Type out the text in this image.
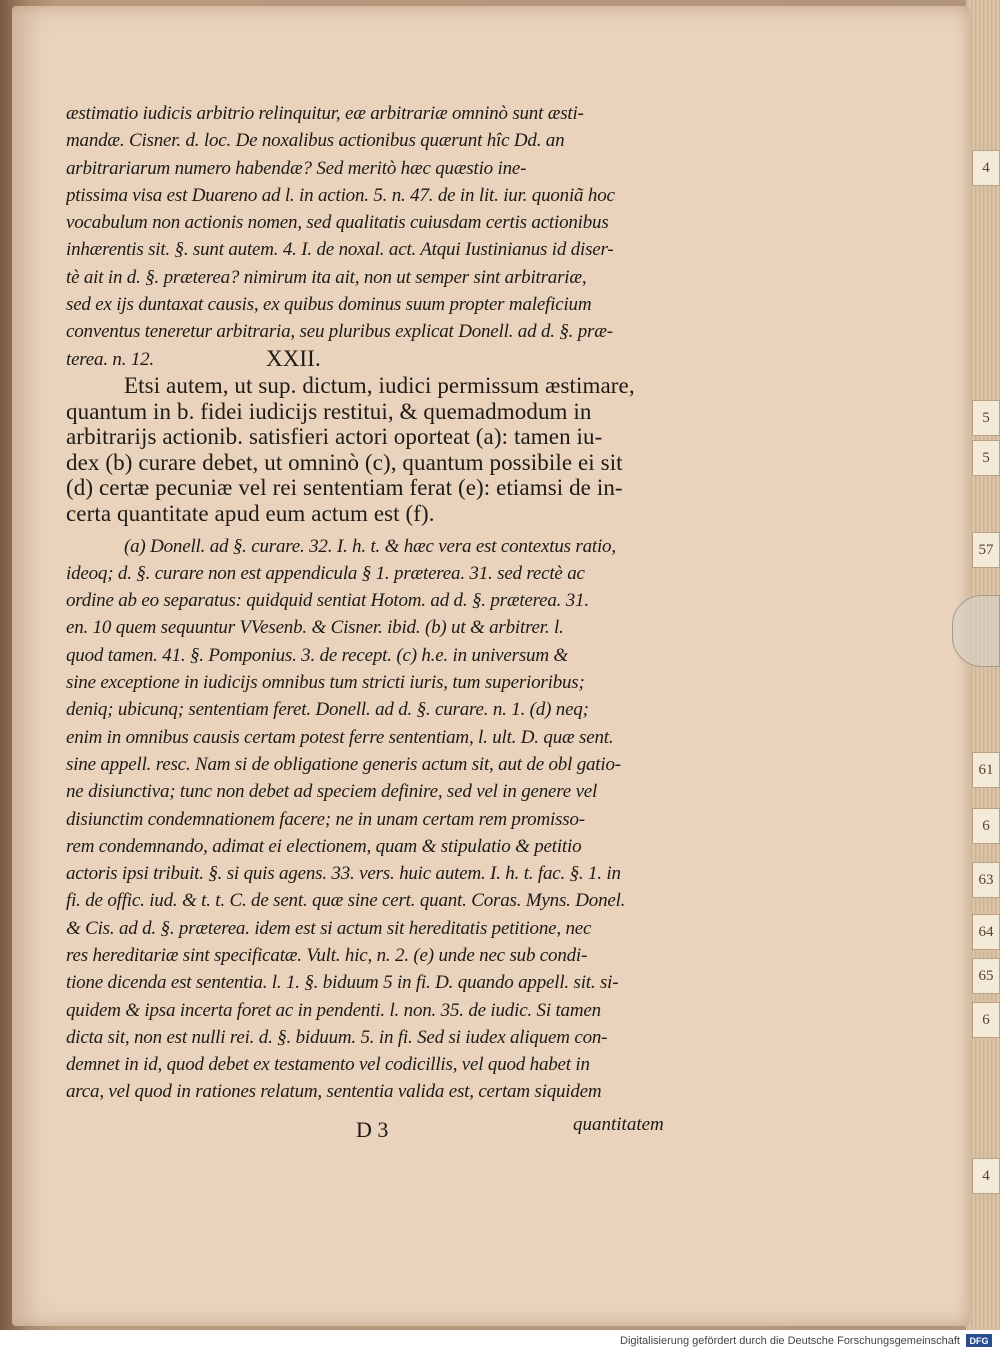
4
5
5
57
61
6
63
64
65
6
4

æstimatio iudicis arbitrio relinquitur, eæ arbitrariæ omninò sunt æsti-

mandæ. Cisner. d. loc. De noxalibus actionibus quærunt hîc Dd. an

arbitrariarum numero habendæ? Sed meritò hæc quæstio ine-

ptissima visa est Duareno ad l. in action. 5. n. 47. de in lit. iur. quoniã hoc

vocabulum non actionis nomen, sed qualitatis cuiusdam certis actionibus

inhærentis sit. §. sunt autem. 4. I. de noxal. act. Atqui Iustinianus id diser-

tè ait in d. §. præterea? nimirum ita ait, non ut semper sint arbitrariæ,

sed ex ijs duntaxat causis, ex quibus dominus suum propter maleficium

conventus teneretur arbitraria, seu pluribus explicat Donell. ad d. §. præ-

terea. n. 12.	XXII.

Etsi autem, ut sup. dictum, iudici permissum æstimare,

quantum in b. fidei iudicijs restitui, & quemadmodum in

arbitrarijs actionib. satisfieri actori oporteat (a): tamen iu-

dex (b) curare debet, ut omninò (c), quantum possibile ei sit

(d) certæ pecuniæ vel rei sententiam ferat (e): etiamsi de in-

certa quantitate apud eum actum est (f).

(a) Donell. ad §. curare. 32. I. h. t. & hæc vera est contextus ratio,

ideoq; d. §. curare non est appendicula § 1. præterea. 31. sed rectè ac

ordine ab eo separatus: quidquid sentiat Hotom. ad d. §. præterea. 31.

en. 10 quem sequuntur VVesenb. & Cisner. ibid. (b) ut & arbitrer. l.

quod tamen. 41. §. Pomponius. 3. de recept. (c) h.e. in universum &

sine exceptione in iudicijs omnibus tum stricti iuris, tum superioribus;

deniq; ubicunq; sententiam feret. Donell. ad d. §. curare. n. 1. (d) neq;

enim in omnibus causis certam potest ferre sententiam, l. ult. D. quæ sent.

sine appell. resc. Nam si de obligatione generis actum sit, aut de obl gatio-

ne disiunctiva; tunc non debet ad speciem definire, sed vel in genere vel

disiunctim condemnationem facere; ne in unam certam rem promisso-

rem condemnando, adimat ei electionem, quam & stipulatio & petitio

actoris ipsi tribuit. §. si quis agens. 33. vers. huic autem. I. h. t. fac. §. 1. in

fi. de offic. iud. & t. t. C. de sent. quæ sine cert. quant. Coras. Myns. Donel.

& Cis. ad d. §. præterea. idem est si actum sit hereditatis petitione, nec

res hereditariæ sint specificatæ. Vult. hic, n. 2. (e) unde nec sub condi-

tione dicenda est sententia. l. 1. §. biduum 5 in fi. D. quando appell. sit. si-

quidem & ipsa incerta foret ac in pendenti. l. non. 35. de iudic. Si tamen

dicta sit, non est nulli rei. d. §. biduum. 5. in fi. Sed si iudex aliquem con-

demnet in id, quod debet ex testamento vel codicillis, vel quod habet in

arca, vel quod in rationes relatum, sententia valida est, certam siquidem

D 3	quantitatem
Digitalisierung gefördert durch die Deutsche Forschungsgemeinschaft	DFG
